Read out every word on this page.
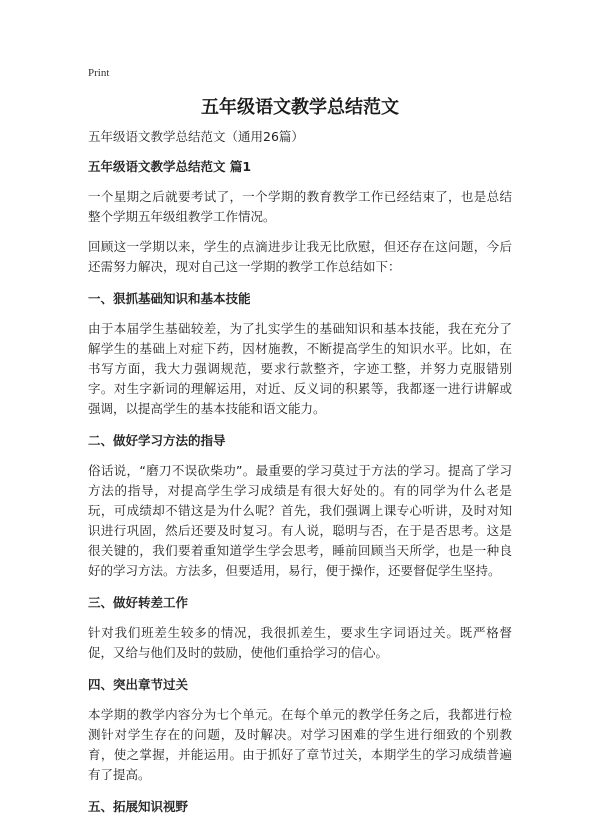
Print

五年级语文教学总结范文

五年级语文教学总结范文（通用26篇）

五年级语文教学总结范文 篇1

一个星期之后就要考试了，一个学期的教育教学工作已经结束了，也是总结整个学期五年级组教学工作情况。

回顾这一学期以来，学生的点滴进步让我无比欣慰，但还存在这问题，今后还需努力解决，现对自己这一学期的教学工作总结如下：

一、狠抓基础知识和基本技能

由于本届学生基础较差，为了扎实学生的基础知识和基本技能，我在充分了解学生的基础上对症下药，因材施教，不断提高学生的知识水平。比如，在书写方面，我大力强调规范，要求行款整齐，字迹工整，并努力克服错别字。对生字新词的理解运用，对近、反义词的积累等，我都逐一进行讲解或强调，以提高学生的基本技能和语文能力。

二、做好学习方法的指导

俗话说，“磨刀不误砍柴功”。最重要的学习莫过于方法的学习。提高了学习方法的指导，对提高学生学习成绩是有很大好处的。有的同学为什么老是玩，可成绩却不错这是为什么呢？首先，我们强调上课专心听讲，及时对知识进行巩固，然后还要及时复习。有人说，聪明与否，在于是否思考。这是很关键的，我们要着重知道学生学会思考，睡前回顾当天所学，也是一种良好的学习方法。方法多，但要适用，易行，便于操作，还要督促学生坚持。

三、做好转差工作

针对我们班差生较多的情况，我很抓差生，要求生字词语过关。既严格督促，又给与他们及时的鼓励，使他们重拾学习的信心。

四、突出章节过关

本学期的教学内容分为七个单元。在每个单元的教学任务之后，我都进行检测针对学生存在的问题，及时解决。对学习困难的学生进行细致的个别教育，使之掌握，并能运用。由于抓好了章节过关，本期学生的学习成绩普遍有了提高。

五、拓展知识视野
